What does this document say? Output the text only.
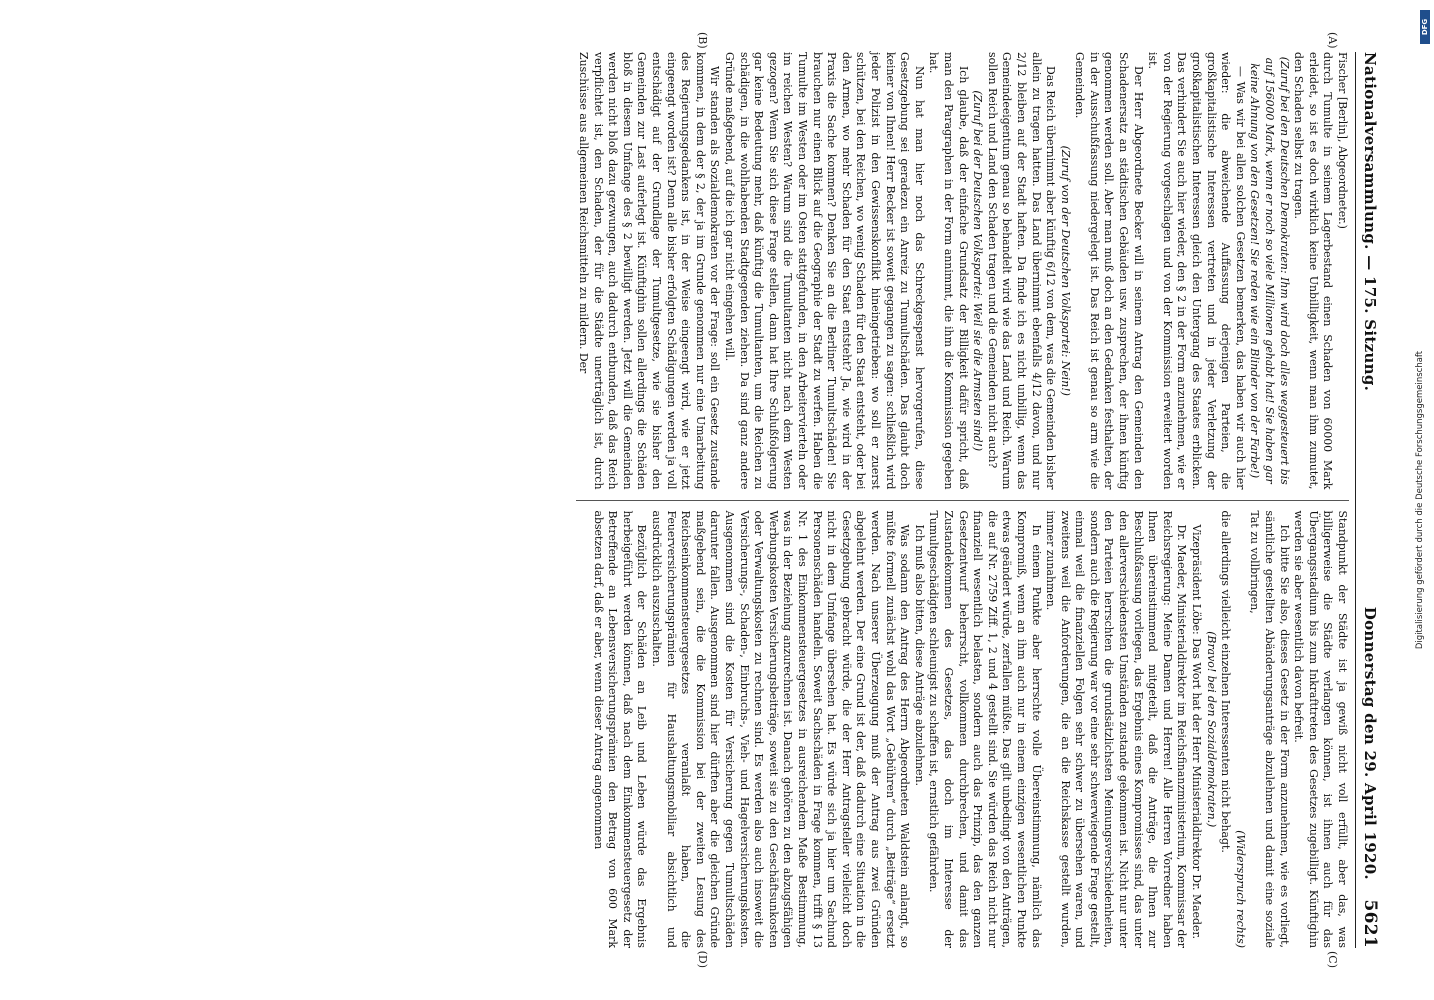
Nationalversammlung. — 175. Sitzung.
Donnerstag den 29. April 1920. 5621
(A)
(B)

Fischer [Berlin], Abgeordneter.)

durch Tumulte in seinem Lagerbestand einen Schaden von 60000 Mark erleidet, so ist es doch wirklich keine Unbilligkeit, wenn man ihm zumutet, den Schaden selbst zu tragen.

(Zuruf bei den Deutschen Demokraten: Ihm wird doch alles weggesteuert bis auf 156000 Mark, wenn er noch so viele Millionen gehabt hat! Sie haben gar keine Ahnung von den Gesetzen! Sie reden wie ein Blinder von der Farbe!)

— Was wir bei allen solchen Gesetzen bemerken, das haben wir auch hier wieder: die abweichende Auffassung derjenigen Parteien, die großkapitalistische Interessen vertreten und in jeder Verletzung der großkapitalistischen Interessen gleich den Untergang des Staates erblicken. Das verhindert Sie auch hier wieder, den § 2 in der Form anzunehmen, wie er von der Regierung vorgeschlagen und von der Kommission erweitert worden ist.

Der Herr Abgeordnete Becker will in seinem Antrag den Gemeinden den Schadenersatz an städtischen Gebäuden usw. zusprechen, der ihnen künftig genommen werden soll. Aber man muß doch an den Gedanken festhalten, der in der Ausschußfassung niedergelegt ist. Das Reich ist genau so arm wie die Gemeinden.

(Zuruf von der Deutschen Volkspartei: Nein!)

Das Reich übernimmt aber künftig 6/12 von dem, was die Gemeinden bisher allein zu tragen hatten. Das Land übernimmt ebenfalls 4/12 davon, und nur 2/12 bleiben auf der Stadt haften. Da finde ich es nicht unbillig, wenn das Gemeindeeigentum genau so behandelt wird wie das Land und Reich. Warum sollen Reich und Land den Schaden tragen und die Gemeinden nicht auch?

(Zuruf bei der Deutschen Volkspartei: Weil sie die Armsten sind!)

Ich glaube, daß der einfache Grundsatz der Billigkeit dafür spricht, daß man den Paragraphen in der Form annimmt, die ihm die Kommission gegeben hat.

Nun hat man hier noch das Schreckgespenst hervorgerufen, diese Gesetzgebung sei geradezu ein Anreiz zu Tumultschäden. Das glaubt doch keiner von Ihnen! Herr Becker ist soweit gegangen zu sagen: schließlich wird jeder Polizist in den Gewissenskonflikt hineingetrieben: wo soll er zuerst schützen, bei den Reichen, wo wenig Schaden für den Staat entsteht, oder bei den Armen, wo mehr Schaden für den Staat entsteht? Ja, wie wird in der Praxis die Sache kommen? Denken Sie an die Berliner Tumultschäden! Sie brauchen nur einen Blick auf die Geographie der Stadt zu werfen. Haben die Tumulte im Westen oder im Osten stattgefunden, in den Arbeitervierteln oder im reichen Westen? Warum sind die Tumultanten nicht nach dem Westen gezogen? Wenn Sie sich diese Frage stellen, dann hat Ihre Schlußfolgerung gar keine Bedeutung mehr, daß künftig die Tumultanten, um die Reichen zu schädigen, in die wohlhabenden Stadtgegenden ziehen. Da sind ganz andere Gründe maßgebend, auf die ich gar nicht eingehen will.

Wir standen als Sozialdemokraten vor der Frage: soll ein Gesetz zustande kommen, in dem der § 2, der ja im Grunde genommen nur eine Umarbeitung des Regierungsgedankens ist, in der Weise eingeengt wird, wie er jetzt eingeengt worden ist? Denn alle bisher erfolgten Schädigungen werden ja voll entschädigt auf der Grundlage der Tumultgesetze, wie sie bisher den Gemeinden zur Last auferlegt ist. Künftighin sollen allerdings die Schäden bloß in diesem Umfange des § 2 bewilligt werden. Jetzt will die Gemeinden werden nicht bloß dazu gezwungen, auch dadurch entbunden, daß das Reich verpflichtet ist, den Schaden, der für die Städte unerträglich ist, durch Zuschüsse aus allgemeinen Reichsmitteln zu mildern. Der

(C)
(D)

Standpunkt der Städte ist ja gewiß nicht voll erfüllt, aber das, was billigerweise die Städte verlangen können, ist ihnen auch für das Übergangsstadium bis zum Inkrafttreten des Gesetzes zugebilligt. Künftighin werden sie aber wesentlich davon befreit.

Ich bitte Sie also, dieses Gesetz in der Form anzunehmen, wie es vorliegt, sämtliche gestellten Abänderungsanträge abzulehnen und damit eine soziale Tat zu vollbringen,

(Widerspruch rechts)

die allerdings vielleicht einzelnen Interessenten nicht behagt.

(Bravo! bei den Sozialdemokraten.)

Vizepräsident Löbe: Das Wort hat der Herr Ministerialdirektor Dr. Maeder.

Dr. Maeder, Ministerialdirektor im Reichsfinanzministerium, Kommissar der Reichsregierung: Meine Damen und Herren! Alle Herren Vorredner haben Ihnen übereinstimmend mitgeteilt, daß die Anträge, die Ihnen zur Beschlußfassung vorliegen, das Ergebnis eines Kompromisses sind, das unter den allerverschiedensten Umständen zustande gekommen ist. Nicht nur unter den Parteien herrschten die grundsätzlichsten Meinungsverschiedenheiten, sondern auch die Regierung war vor eine sehr schwerwiegende Frage gestellt, einmal weil die finanziellen Folgen sehr schwer zu übersehen waren, und zweitens weil die Anforderungen, die an die Reichskasse gestellt wurden, immer zunahmen.

In einem Punkte aber herrschte volle Übereinstimmung, nämlich das Kompromiß, wenn an ihm auch nur in einem einzigen wesentlichen Punkte etwas geändert würde, zerfallen müßte. Das gilt unbedingt von den Anträgen, die auf Nr. 2759 Ziff. 1, 2 und 4 gestellt sind. Sie würden das Reich nicht nur finanziell wesentlich belasten, sondern auch das Prinzip, das den ganzen Gesetzentwurf beherrscht, vollkommen durchbrechen, und damit das Zustandekommen des Gesetzes, das doch im Interesse der Tumultgeschädigten schleunigst zu schaffen ist, ernstlich gefährden.

Ich muß also bitten, diese Anträge abzulehnen.

Was sodann den Antrag des Herrn Abgeordneten Waldstein anlangt, so müßte formell zunächst wohl das Wort „Gebühren“ durch „Beiträge“ ersetzt werden. Nach unserer Überzeugung muß der Antrag aus zwei Gründen abgelehnt werden. Der eine Grund ist der, daß dadurch eine Situation in die Gesetzgebung gebracht würde, die der Herr Antragsteller vielleicht doch nicht in dem Umfange übersehen hat. Es würde sich ja hier um Sachund Personenschäden handeln. Soweit Sachschäden in Frage kommen, trifft § 13 Nr. 1 des Einkommensteuergesetzes in ausreichendem Maße Bestimmung, was in der Beziehung anzurechnen ist. Danach gehören zu den abzugsfähigen Werbungskosten Versicherungsbeiträge, soweit sie zu den Geschäftsunkosten oder Verwaltungskosten zu rechnen sind. Es werden also auch insoweit die Versicherungs-, Schaden-, Einbruchs-, Vieh- und Hagelversicherungskosten. Ausgenommen sind die Kosten für Versicherung gegen Tumultschäden darunter fallen. Ausgenommen sind hier dürften aber die gleichen Gründe maßgebend sein, die die Kommission bei der zweiten Lesung des Reichseinkommensteuergesetzes veranlaßt haben, die Feuerversicherungsprämien für Haushaltungsmobiliar absichtlich und ausdrücklich auszuschalten.

Bezüglich der Schäden an Leib und Leben würde das Ergebnis herbeigeführt werden können, daß nach dem Einkommensteuergesetz der Betreffende an Lebensversicherungsprämien den Betrag von 600 Mark absetzen darf, daß er aber, wenn dieser Antrag angenommen

DFG
Digitalisierung gefördert durch die Deutsche Forschungsgemeinschaft
